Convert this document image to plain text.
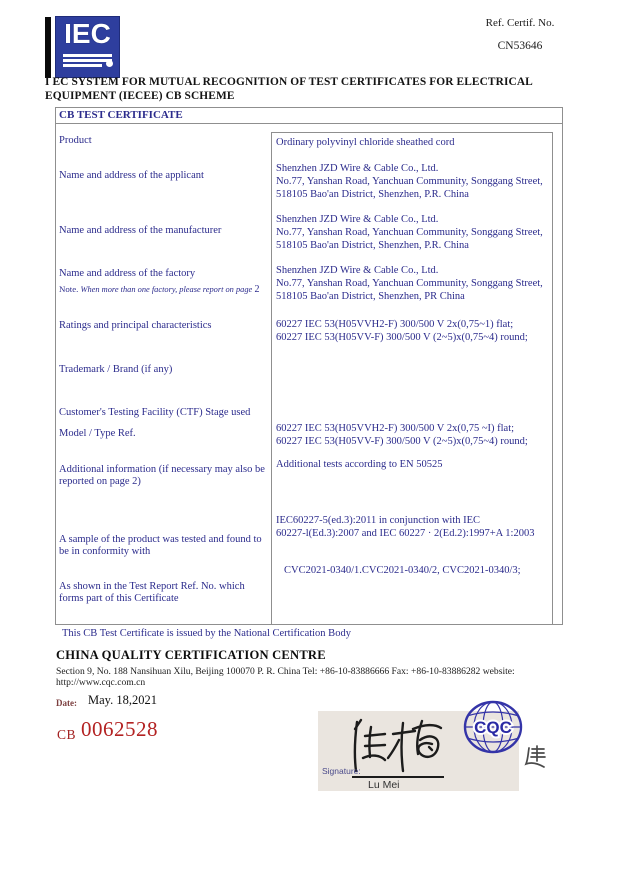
IEC	Ref. Certif. No.
CN53646
I EC SYSTEM FOR MUTUAL RECOGNITION OF TEST CERTIFICATES FOR ELECTRICAL EQUIPMENT (IECEE) CB SCHEME
CB TEST CERTIFICATE
Product
Name and address of the applicant
Name and address of the manufacturer
Name and address of the factory
Note. When more than one factory, please report on page 2
Ratings and principal characteristics
Trademark / Brand (if any)
Customer's Testing Facility (CTF) Stage used
Model / Type Ref.
Additional information (if necessary may also be reported on page 2)
A sample of the product was tested and found to be in conformity with
As shown in the Test Report Ref. No. which forms part of this Certificate
Ordinary polyvinyl chloride sheathed cord
Shenzhen JZD Wire & Cable Co., Ltd.
No.77, Yanshan Road, Yanchuan Community, Songgang Street,
518105 Bao'an District, Shenzhen, P.R. China
Shenzhen JZD Wire & Cable Co., Ltd.
No.77, Yanshan Road, Yanchuan Community, Songgang Street,
518105 Bao'an District, Shenzhen, P.R. China
Shenzhen JZD Wire & Cable Co., Ltd.
No.77, Yanshan Road, Yanchuan Community, Songgang Street,
518105 Bao'an District, Shenzhen, PR China
60227 IEC 53(H05VVH2-F) 300/500 V 2x(0,75~1) flat;
60227 IEC 53(H05VV-F) 300/500 V (2~5)x(0,75~4) round;
60227 IEC 53(H05VVH2-F) 300/500 V 2x(0,75 ~I) flat;
60227 IEC 53(H05VV-F) 300/500 V (2~5)x(0,75~4) round;
Additional tests according to EN 50525
IEC60227-5(ed.3):2011 in conjunction with IEC
60227-l(Ed.3):2007 and IEC 60227 · 2(Ed.2):1997+A 1:2003
CVC2021-0340/1.CVC2021-0340/2, CVC2021-0340/3;
This CB Test Certificate is issued by the National Certification Body
CHINA QUALITY CERTIFICATION CENTRE
Section 9, No. 188 Nansihuan Xilu, Beijing 100070 P. R. China Tel: +86-10-83886666 Fax: +86-10-83886282 website: http://www.cqc.com.cn
Date: May. 18,2021
CB 0062528
Signature:
Lu Mei
CQC
